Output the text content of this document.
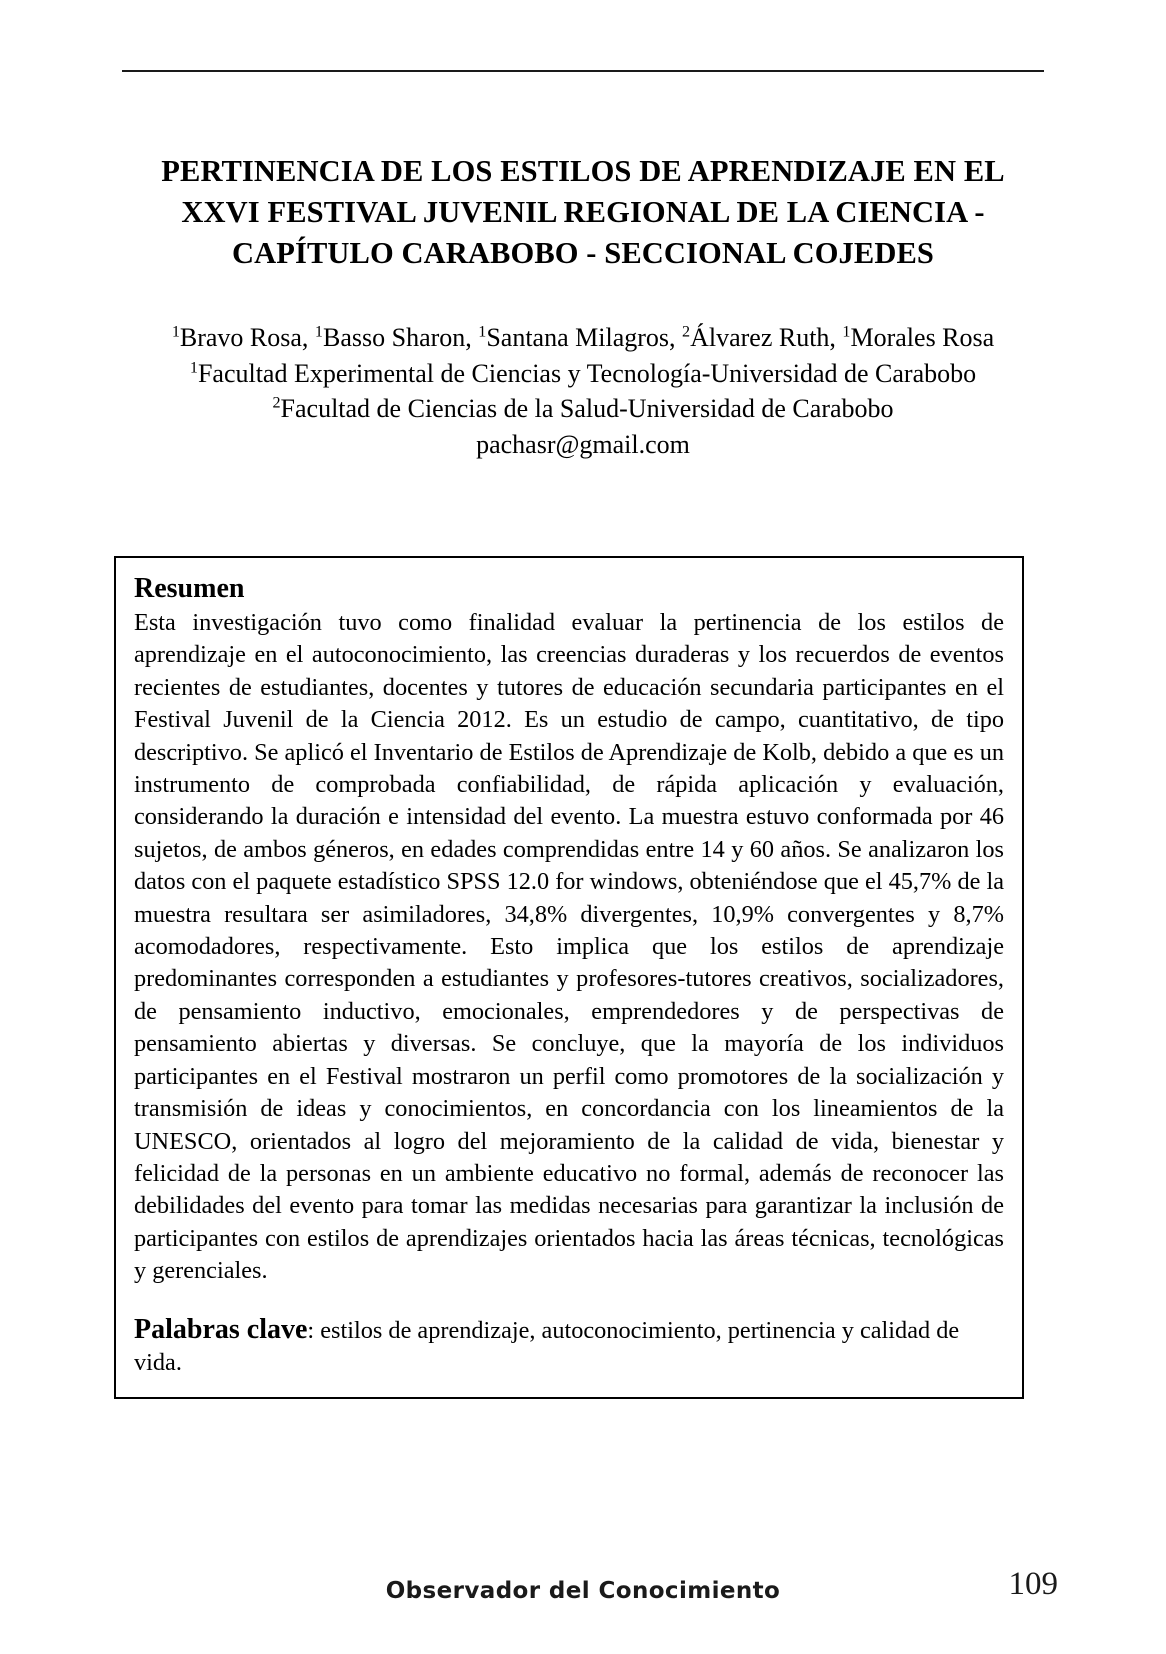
PERTINENCIA DE LOS ESTILOS DE APRENDIZAJE EN EL XXVI FESTIVAL JUVENIL REGIONAL DE LA CIENCIA - CAPÍTULO CARABOBO - SECCIONAL COJEDES
$^1$Bravo Rosa, $^1$Basso Sharon, $^1$Santana Milagros, $^2$Álvarez Ruth, $^1$Morales Rosa
$^1$Facultad Experimental de Ciencias y Tecnología-Universidad de Carabobo
$^2$Facultad de Ciencias de la Salud-Universidad de Carabobo
pachasr@gmail.com
Resumen

Esta investigación tuvo como finalidad evaluar la pertinencia de los estilos de aprendizaje en el autoconocimiento, las creencias duraderas y los recuerdos de eventos recientes de estudiantes, docentes y tutores de educación secundaria participantes en el Festival Juvenil de la Ciencia 2012. Es un estudio de campo, cuantitativo, de tipo descriptivo. Se aplicó el Inventario de Estilos de Aprendizaje de Kolb, debido a que es un instrumento de comprobada confiabilidad, de rápida aplicación y evaluación, considerando la duración e intensidad del evento. La muestra estuvo conformada por 46 sujetos, de ambos géneros, en edades comprendidas entre 14 y 60 años. Se analizaron los datos con el paquete estadístico SPSS 12.0 for windows, obteniéndose que el 45,7% de la muestra resultara ser asimiladores, 34,8% divergentes, 10,9% convergentes y 8,7% acomodadores, respectivamente. Esto implica que los estilos de aprendizaje predominantes corresponden a estudiantes y profesores-tutores creativos, socializadores, de pensamiento inductivo, emocionales, emprendedores y de perspectivas de pensamiento abiertas y diversas. Se concluye, que la mayoría de los individuos participantes en el Festival mostraron un perfil como promotores de la socialización y transmisión de ideas y conocimientos, en concordancia con los lineamientos de la UNESCO, orientados al logro del mejoramiento de la calidad de vida, bienestar y felicidad de la personas en un ambiente educativo no formal, además de reconocer las debilidades del evento para tomar las medidas necesarias para garantizar la inclusión de participantes con estilos de aprendizajes orientados hacia las áreas técnicas, tecnológicas y gerenciales.

Palabras clave: estilos de aprendizaje, autoconocimiento, pertinencia y calidad de vida.

Observador del Conocimiento	109
